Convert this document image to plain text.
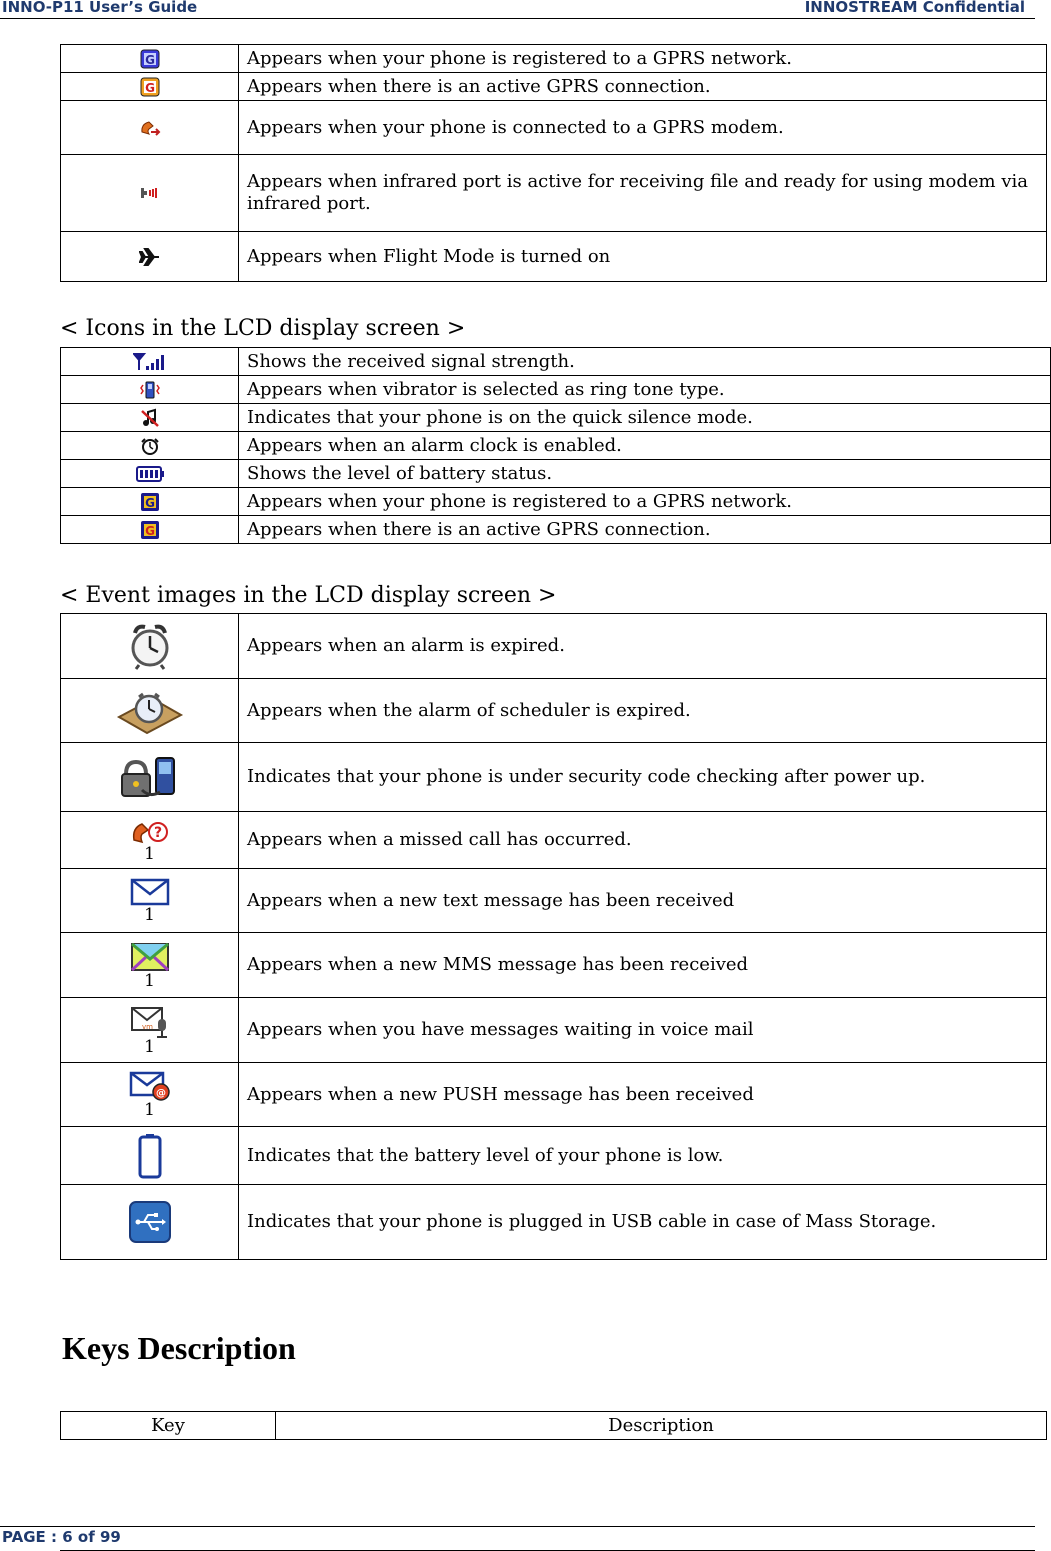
INNO-P11 User’s Guide	INNOSTREAM Confidential
G	Appears when your phone is registered to a GPRS network.

G	Appears when there is an active GPRS connection.
	Appears when your phone is connected to a GPRS modem.
	Appears when infrared port is active for receiving file and ready for using modem via infrared port.
	Appears when Flight Mode is turned on
< Icons in the LCD display screen >
	Shows the received signal strength.
	Appears when vibrator is selected as ring tone type.
	Indicates that your phone is on the quick silence mode.
	Appears when an alarm clock is enabled.
	Shows the level of battery status.

G	Appears when your phone is registered to a GPRS network.

G	Appears when there is an active GPRS connection.
< Event images in the LCD display screen >
	Appears when an alarm is expired.
	Appears when the alarm of scheduler is expired.
	Indicates that your phone is under security code checking after power up.

?
1	Appears when a missed call has occurred.

1	Appears when a new text message has been received

1	Appears when a new MMS message has been received

vm
1	Appears when you have messages waiting in voice mail

@
1	Appears when a new PUSH message has been received
	Indicates that the battery level of your phone is low.
	Indicates that your phone is plugged in USB cable in case of Mass Storage.
Keys Description
Key	Description
PAGE : 6 of 99
